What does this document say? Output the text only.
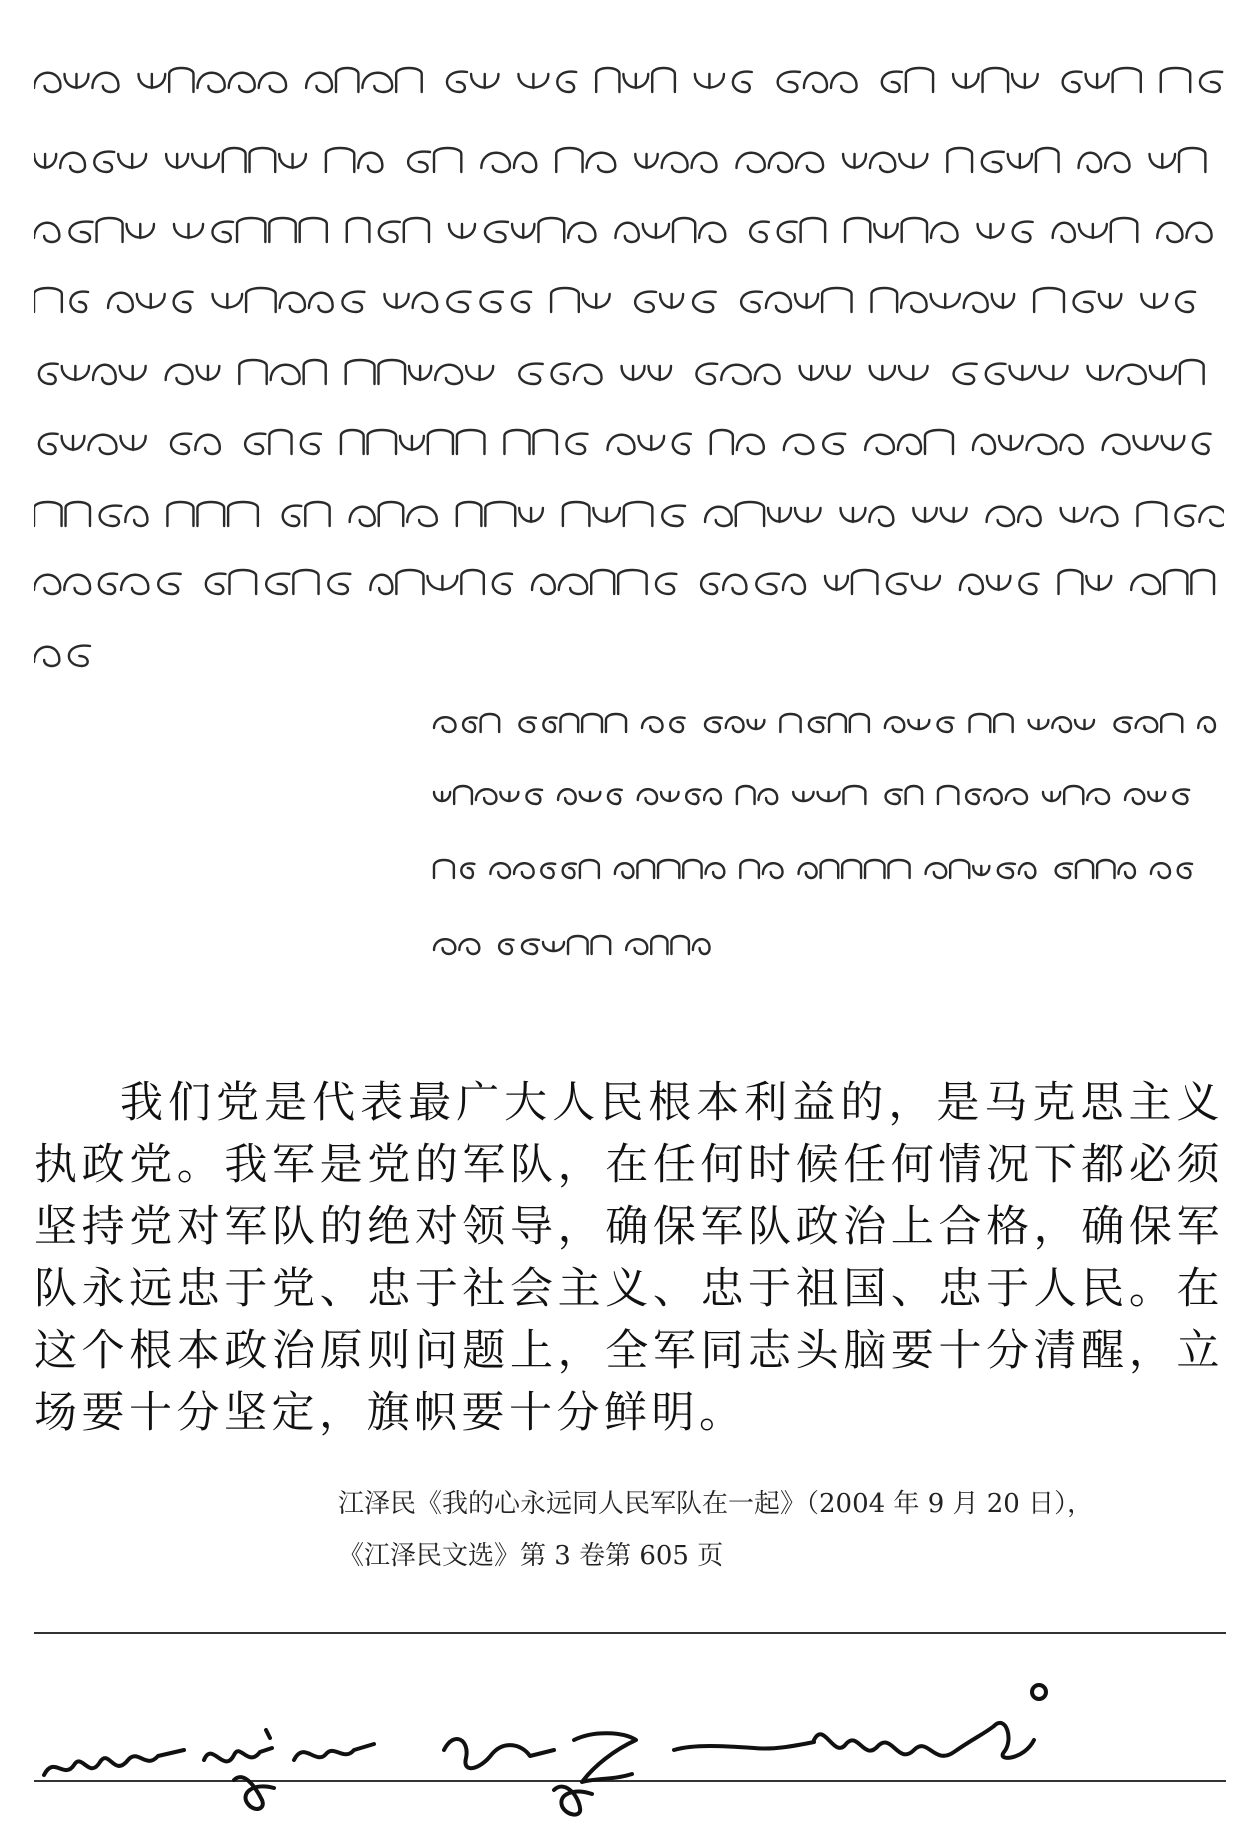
我们党是代表最广大人民根本利益的，是马克思主义执政党。我军是党的军队，在任何时候任何情况下都必须坚持党对军队的绝对领导，确保军队政治上合格，确保军队永远忠于党、忠于社会主义、忠于祖国、忠于人民。在这个根本政治原则问题上，全军同志头脑要十分清醒，立场要十分坚定，旗帜要十分鲜明。
江泽民《我的心永远同人民军队在一起》（2004 年 9 月 20 日），
《江泽民文选》第 3 卷第 605 页
